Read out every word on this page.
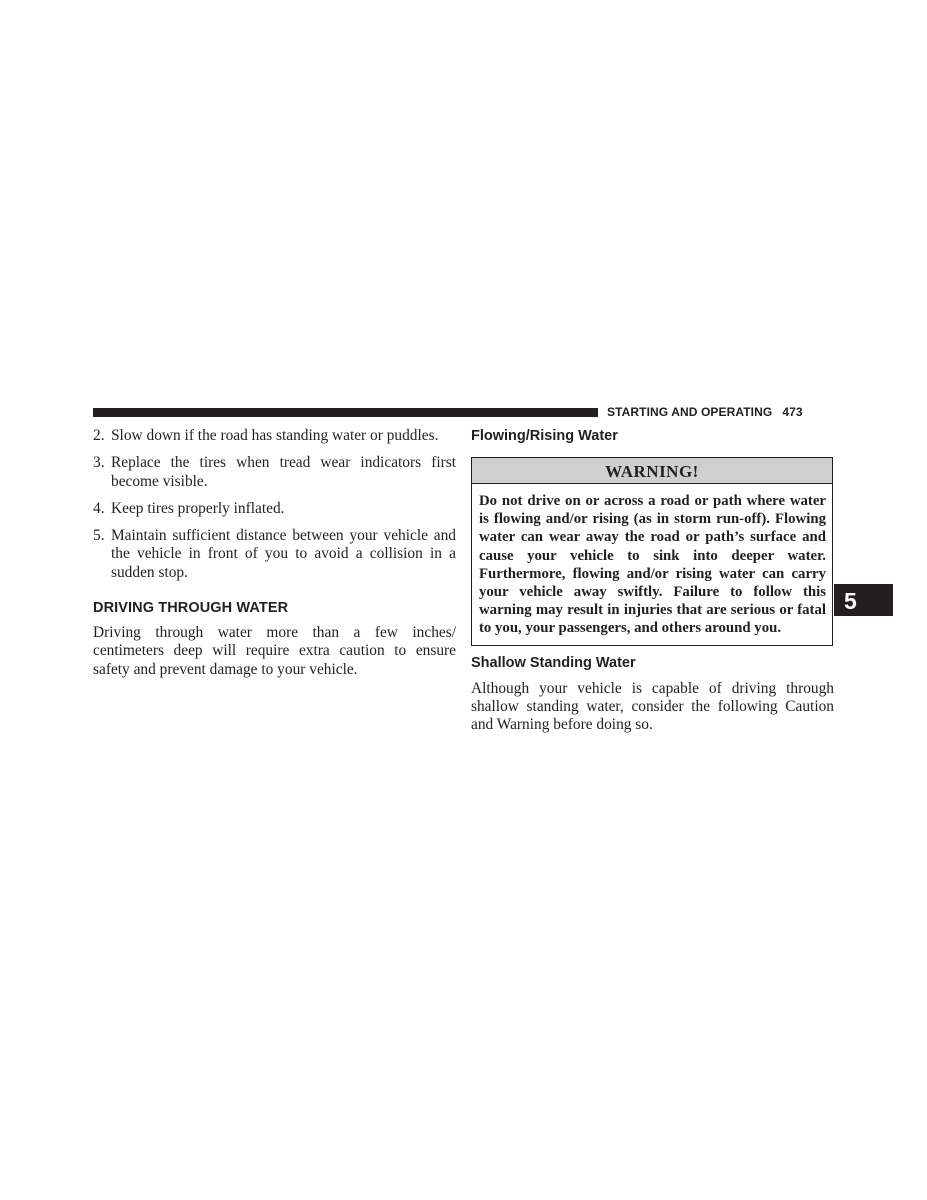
STARTING AND OPERATING 473
2. Slow down if the road has standing water or puddles.
3. Replace the tires when tread wear indicators first become visible.
4. Keep tires properly inflated.
5. Maintain sufficient distance between your vehicle and the vehicle in front of you to avoid a collision in a sudden stop.
DRIVING THROUGH WATER

Driving through water more than a few inches/ centimeters deep will require extra caution to ensure safety and prevent damage to your vehicle.

Flowing/Rising Water
WARNING!
Do not drive on or across a road or path where water is flowing and/or rising (as in storm run-off). Flowing water can wear away the road or path’s surface and cause your vehicle to sink into deeper water. Furthermore, flowing and/or rising water can carry your vehicle away swiftly. Failure to follow this warning may result in injuries that are serious or fatal to you, your passengers, and others around you.
Shallow Standing Water

Although your vehicle is capable of driving through shallow standing water, consider the following Caution and Warning before doing so.

5
